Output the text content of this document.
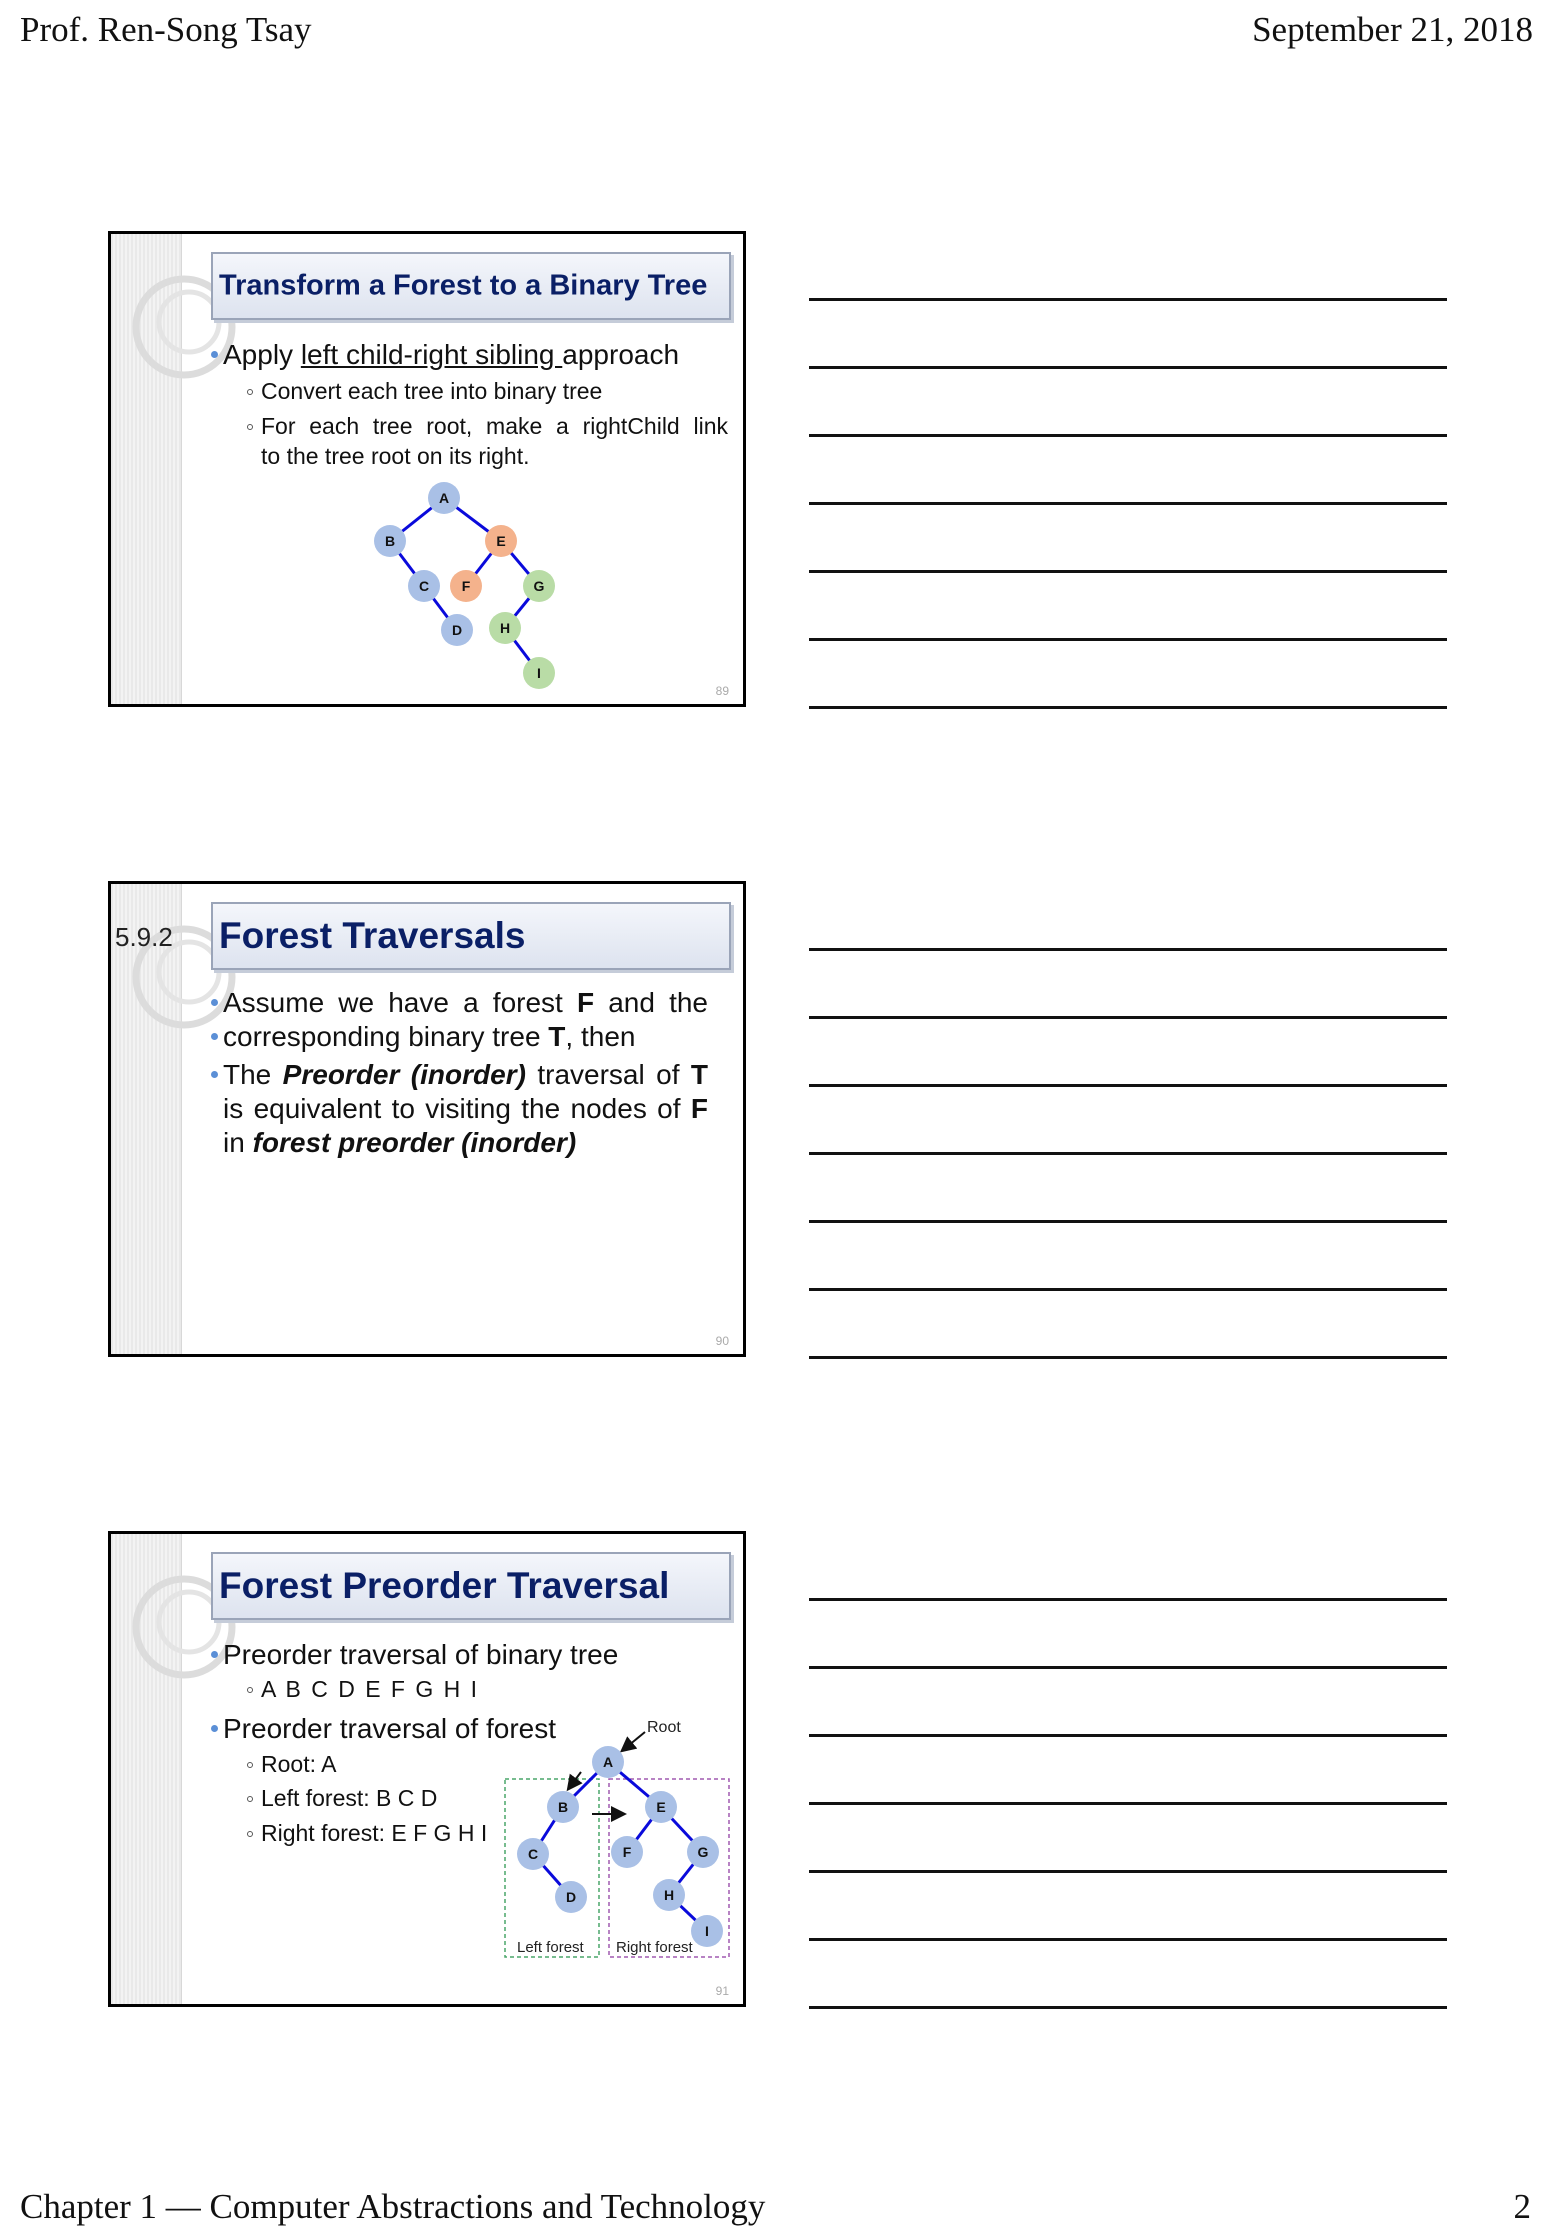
Prof. Ren-Song Tsay	September 21, 2018
Chapter 1 — Computer Abstractions and Technology	2
Transform a Forest to a Binary Tree
Apply left child-right sibling approach
Convert each tree into binary tree
For each tree root, make a rightChild link
to the tree root on its right.
A
B
C
D
E
F	G
H
I
89
5.9.2 Forest Traversals
Assume we have a forest F and the
corresponding binary tree T, then
The Preorder (inorder) traversal of T
is equivalent to visiting the nodes of F
in forest preorder (inorder)
90
Forest Preorder Traversal
Preorder traversal of binary tree
A B C D E F G H I
Preorder traversal of forest
Root: A
Left forest: B C D
Right forest: E F G H I
A
B
C
D
E
F	G
H
I
Root
Left forest Right forest
91
